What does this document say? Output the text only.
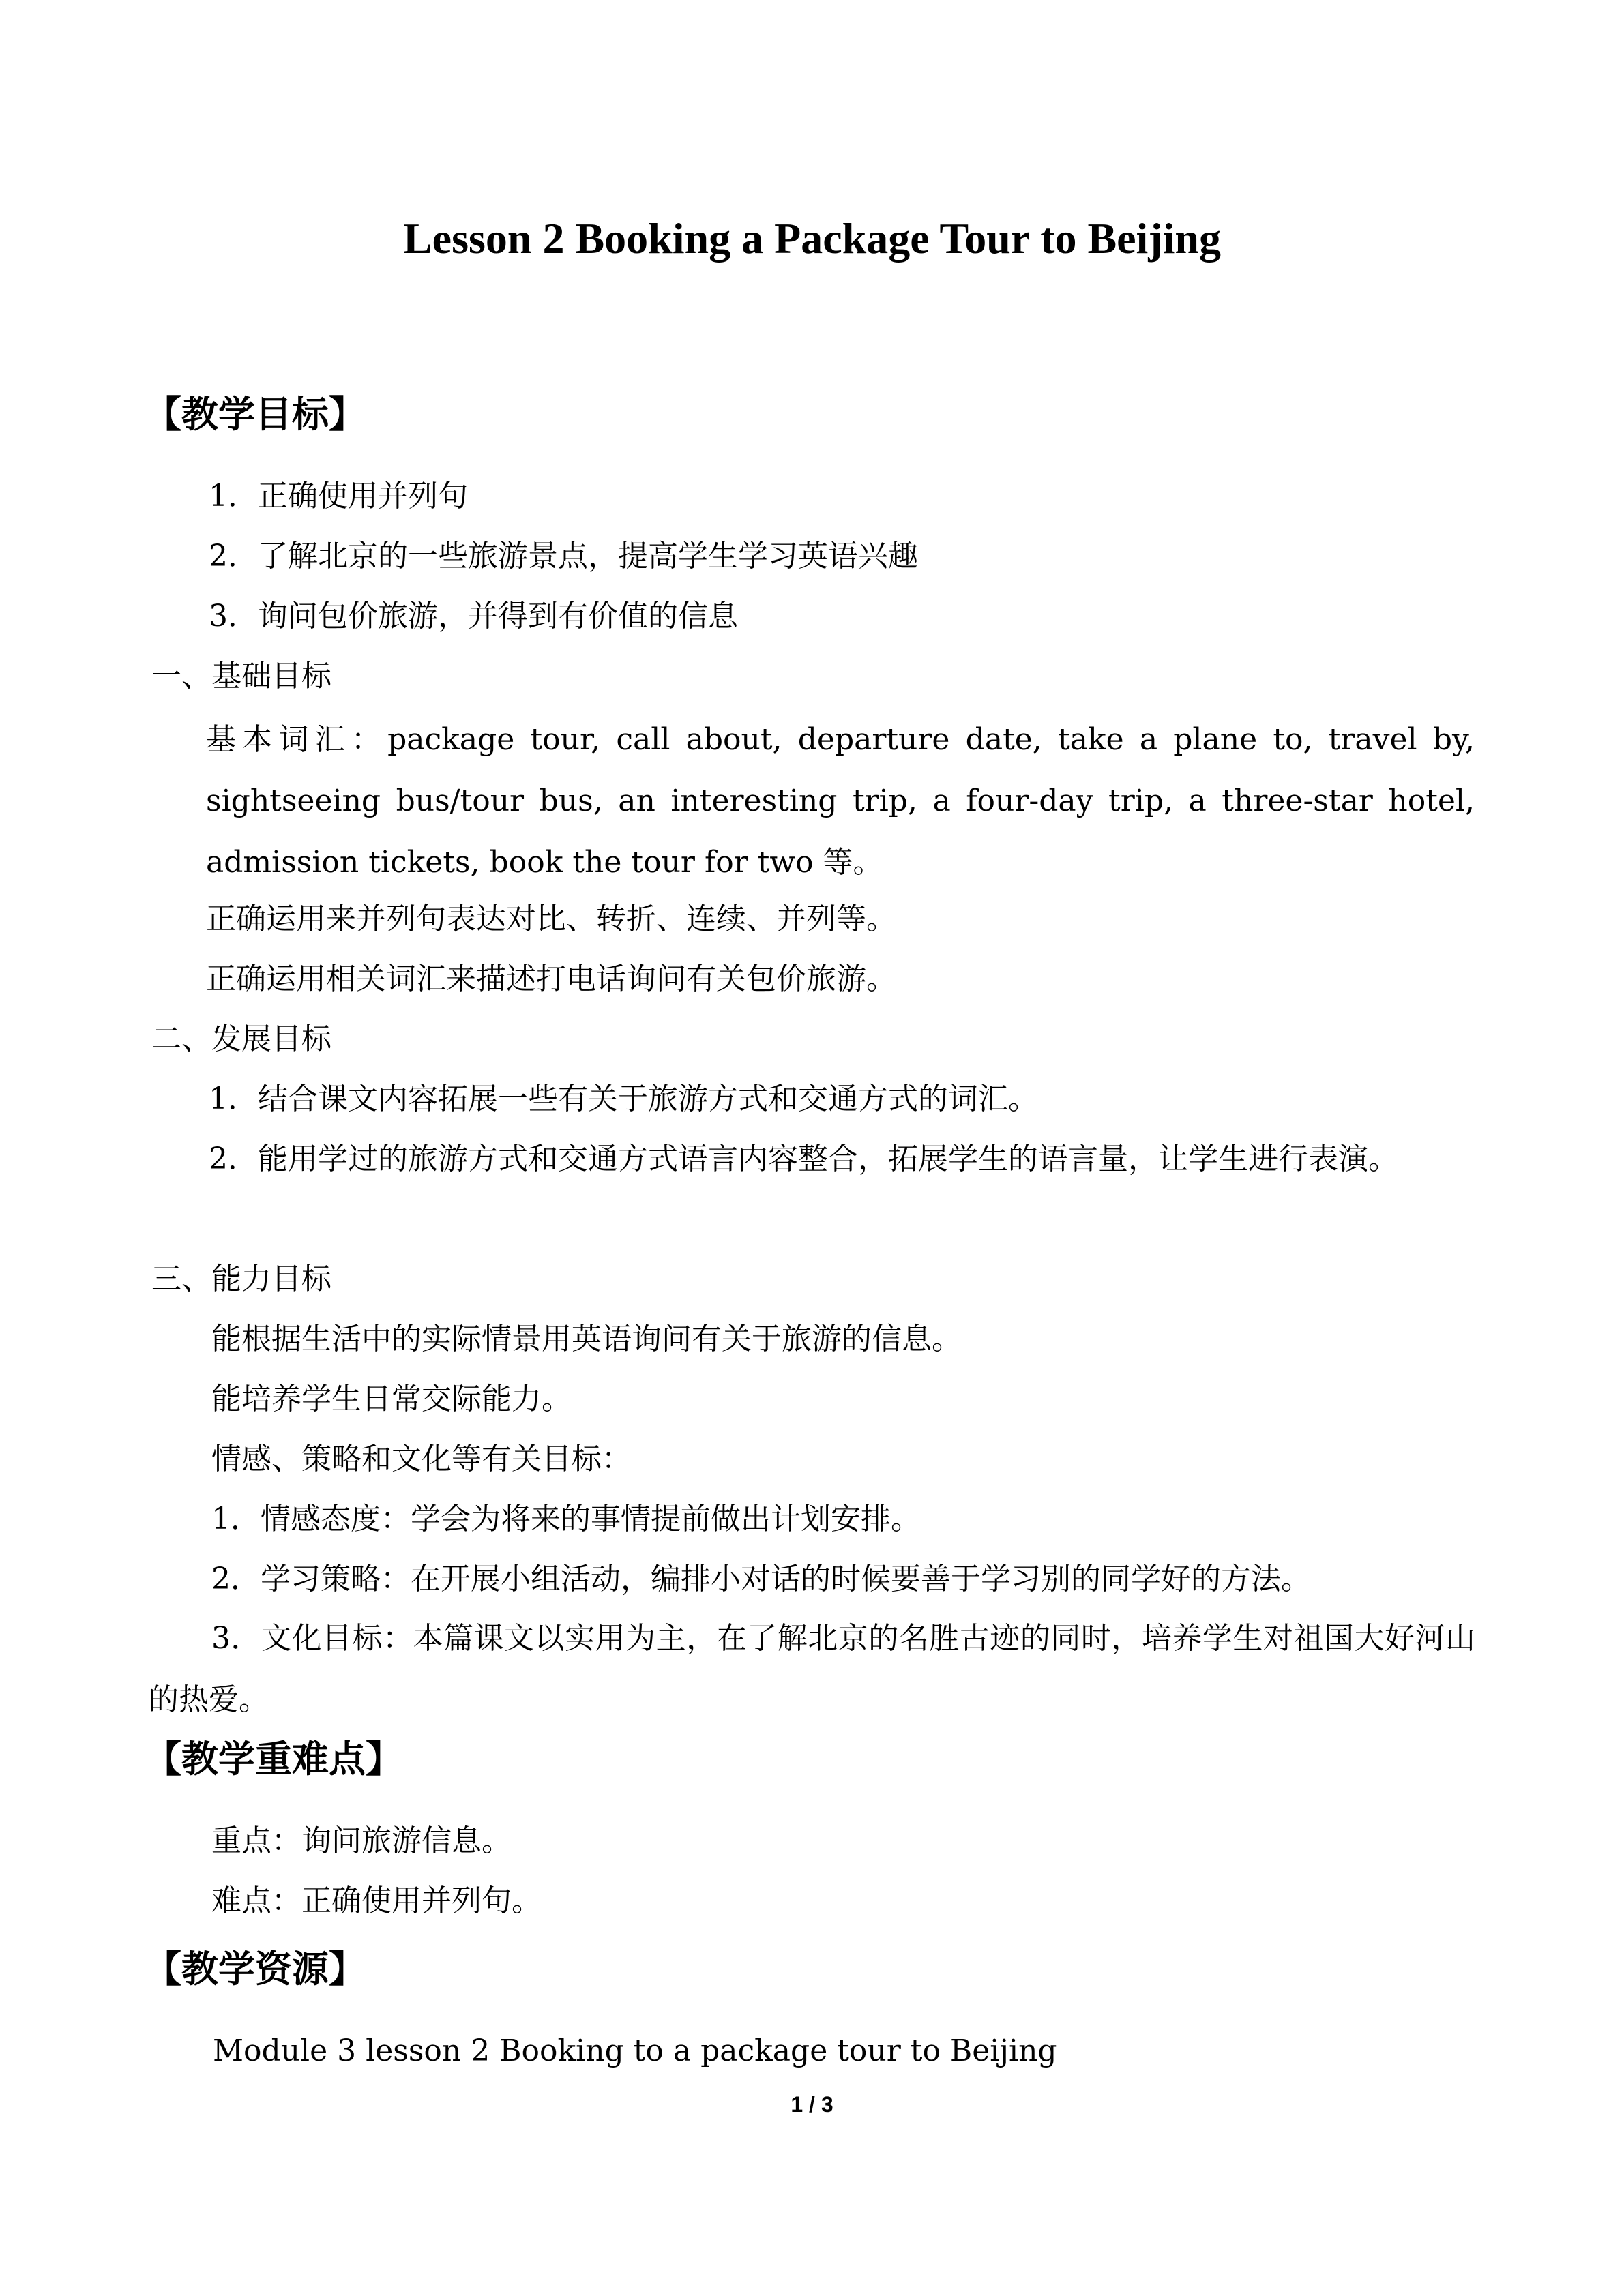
Lesson 2 Booking a Package Tour to Beijing
【教学目标】
1．正确使用并列句
2．了解北京的一些旅游景点，提高学生学习英语兴趣
3．询问包价旅游，并得到有价值的信息
一、基础目标
基本词汇：package tour, call about, departure date, take a plane to, travel by, sightseeing bus/tour bus, an interesting trip, a four-day trip, a three-star hotel, admission tickets, book the tour for two 等。
正确运用来并列句表达对比、转折、连续、并列等。
正确运用相关词汇来描述打电话询问有关包价旅游。
二、发展目标
1．结合课文内容拓展一些有关于旅游方式和交通方式的词汇。
2．能用学过的旅游方式和交通方式语言内容整合，拓展学生的语言量，让学生进行表演。
三、能力目标
能根据生活中的实际情景用英语询问有关于旅游的信息。
能培养学生日常交际能力。
情感、策略和文化等有关目标：
1．情感态度：学会为将来的事情提前做出计划安排。
2．学习策略：在开展小组活动，编排小对话的时候要善于学习别的同学好的方法。
3．文化目标：本篇课文以实用为主，在了解北京的名胜古迹的同时，培养学生对祖国大好河山的热爱。
【教学重难点】
重点：询问旅游信息。
难点：正确使用并列句。
【教学资源】
Module 3 lesson 2 Booking to a package tour to Beijing
1 / 3
